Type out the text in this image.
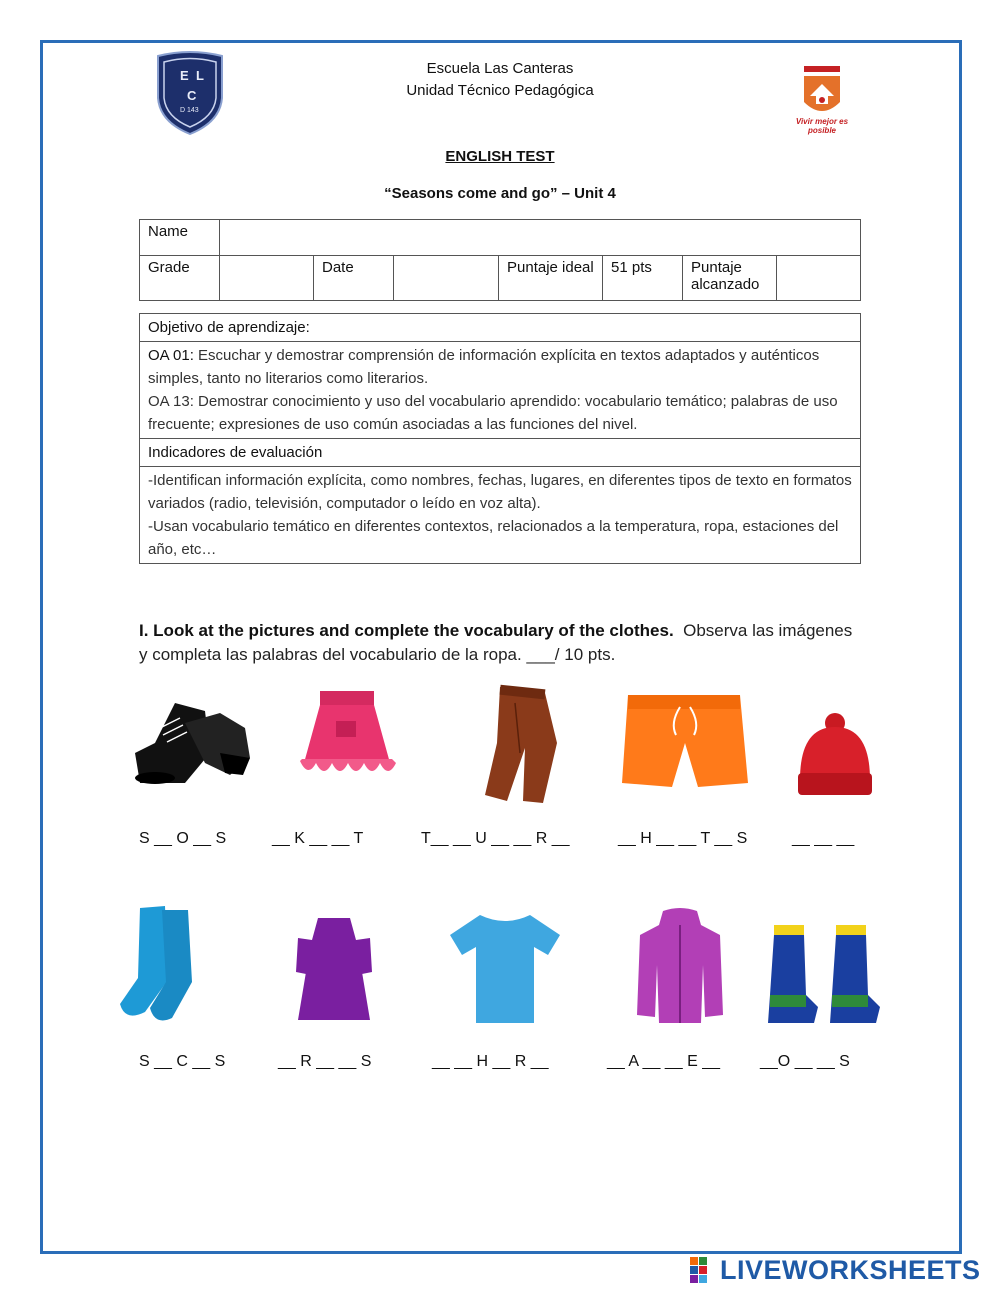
E L
C
D 143
Vivir mejor es posible
Escuela Las Canteras
Unidad Técnico Pedagógica
ENGLISH TEST
“Seasons come and go” – Unit 4
Name							
Grade		Date		Puntaje ideal	51 pts	Puntaje alcanzado	
Objetivo de aprendizaje:
OA 01: Escuchar y demostrar comprensión de información explícita en textos adaptados y auténticos simples, tanto no literarios como literarios.
OA 13: Demostrar conocimiento y uso del vocabulario aprendido: vocabulario temático; palabras de uso frecuente; expresiones de uso común asociadas a las funciones del nivel.
Indicadores de evaluación

-Identifican información explícita, como nombres, fechas, lugares, en diferentes tipos de texto en formatos variados (radio, televisión, computador o leído en voz alta).
-Usan vocabulario temático en diferentes contextos, relacionados a la temperatura, ropa, estaciones del año, etc…
I. Look at the pictures and complete the vocabulary of the clothes. Observa las imágenes y completa las palabras del vocabulario de la ropa. ___/ 10 pts.
S __ O __ S	__ K __ __ T	T__ __ U __ __ R __	__ H __ __ T __ S	__ __ __
S __ C __ S	__ R __ __ S	__ __ H __ R __	__ A __ __ E __	__O __ __ S
LIVEWORKSHEETS
